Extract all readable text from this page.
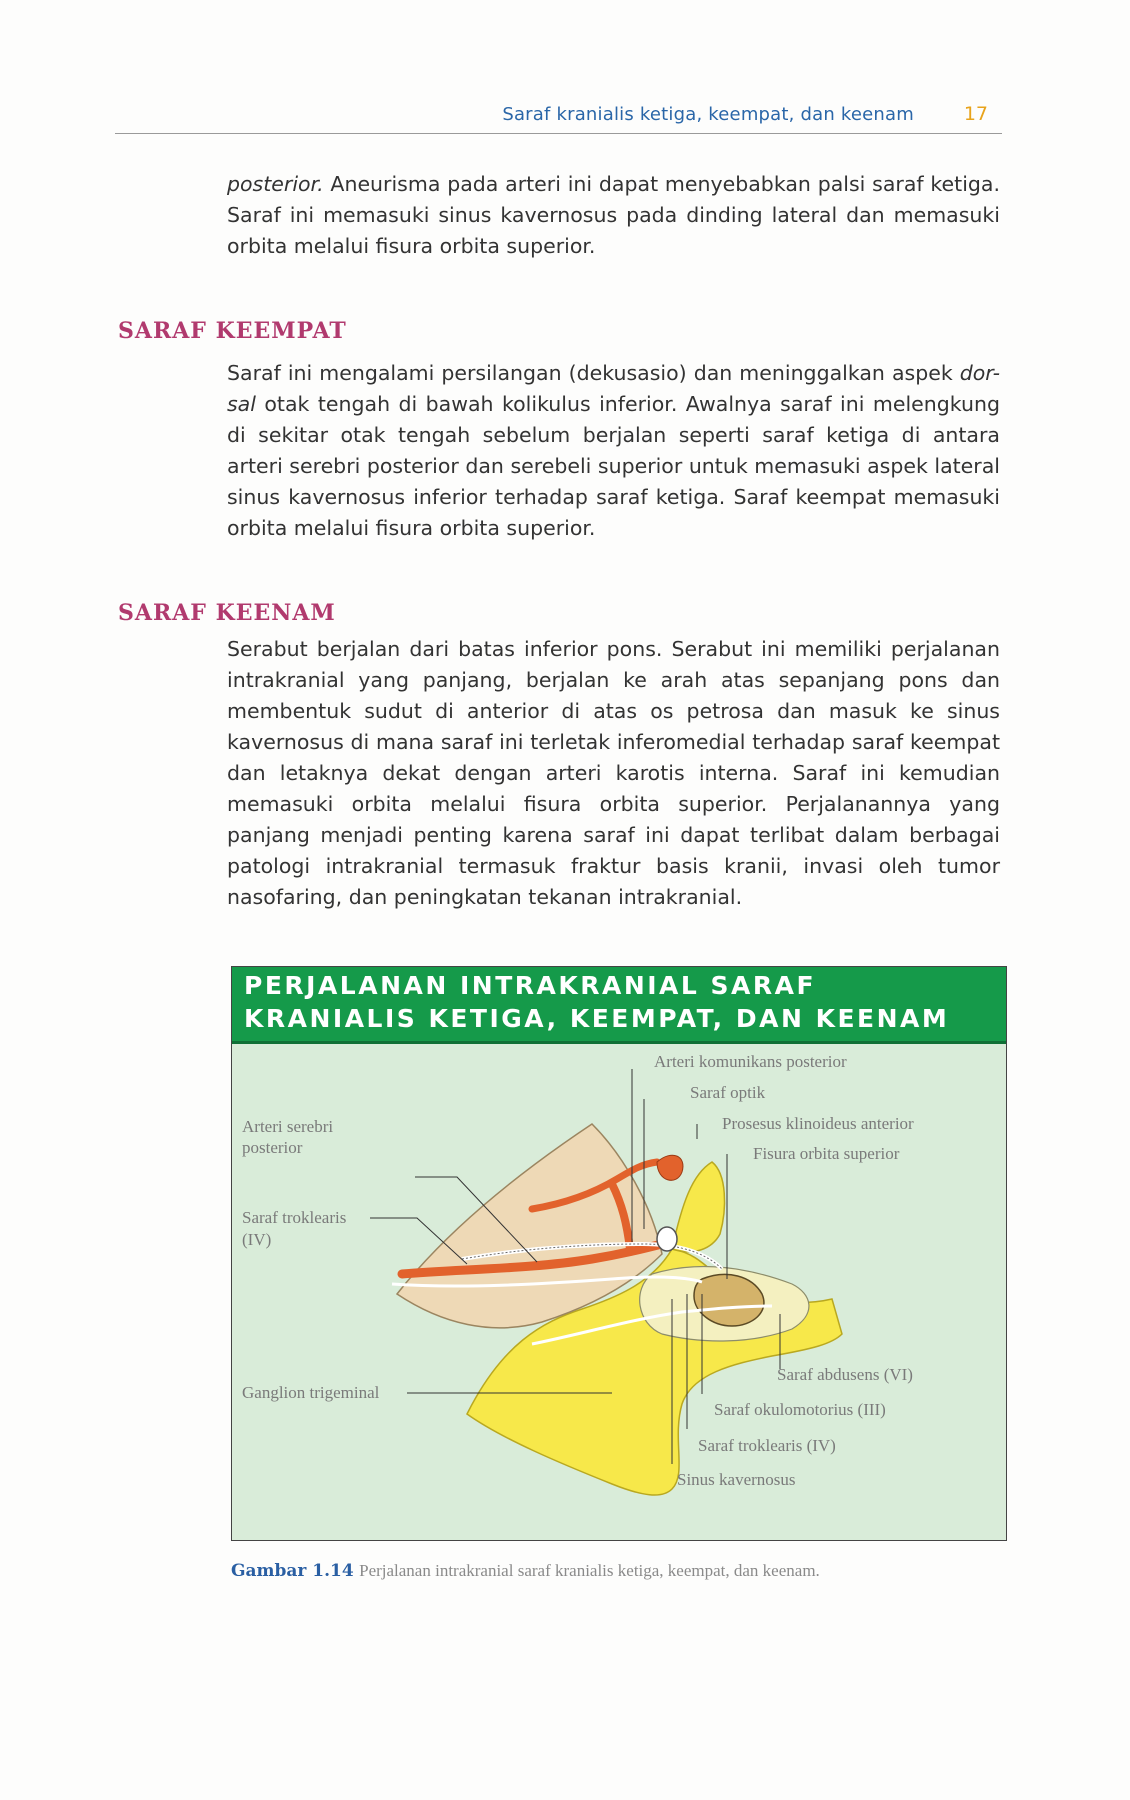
Saraf kranialis ketiga, keempat, dan keenam	17

posterior. Aneurisma pada arteri ini dapat menyebabkan palsi saraf ketiga. Saraf ini memasuki sinus kavernosus pada dinding lateral dan memasuki orbita melalui fisura orbita superior.

SARAF KEEMPAT

Saraf ini mengalami persilangan (dekusasio) dan meninggalkan aspek dor-sal otak tengah di bawah kolikulus inferior. Awalnya saraf ini melengkung di sekitar otak tengah sebelum berjalan seperti saraf ketiga di antara arteri serebri posterior dan serebeli superior untuk memasuki aspek lateral sinus kavernosus inferior terhadap saraf ketiga. Saraf keempat memasuki orbita melalui fisura orbita superior.

SARAF KEENAM

Serabut berjalan dari batas inferior pons. Serabut ini memiliki perjalanan intrakranial yang panjang, berjalan ke arah atas sepanjang pons dan membentuk sudut di anterior di atas os petrosa dan masuk ke sinus kavernosus di mana saraf ini terletak inferomedial terhadap saraf keempat dan letaknya dekat dengan arteri karotis interna. Saraf ini kemudian memasuki orbita melalui fisura orbita superior. Perjalanannya yang panjang menjadi penting karena saraf ini dapat terlibat dalam berbagai patologi intrakranial termasuk fraktur basis kranii, invasi oleh tumor nasofaring, dan peningkatan tekanan intrakranial.

PERJALANAN INTRAKRANIAL SARAF
KRANIALIS KETIGA, KEEMPAT, DAN KEENAM
Arteri komunikans posterior
Saraf optik
Prosesus klinoideus anterior
Fisura orbita superior
Arteri serebri
posterior
Saraf troklearis
(IV)
Ganglion trigeminal
Saraf abdusens (VI)
Saraf okulomotorius (III)
Saraf troklearis (IV)
Sinus kavernosus
Gambar 1.14 Perjalanan intrakranial saraf kranialis ketiga, keempat, dan keenam.
